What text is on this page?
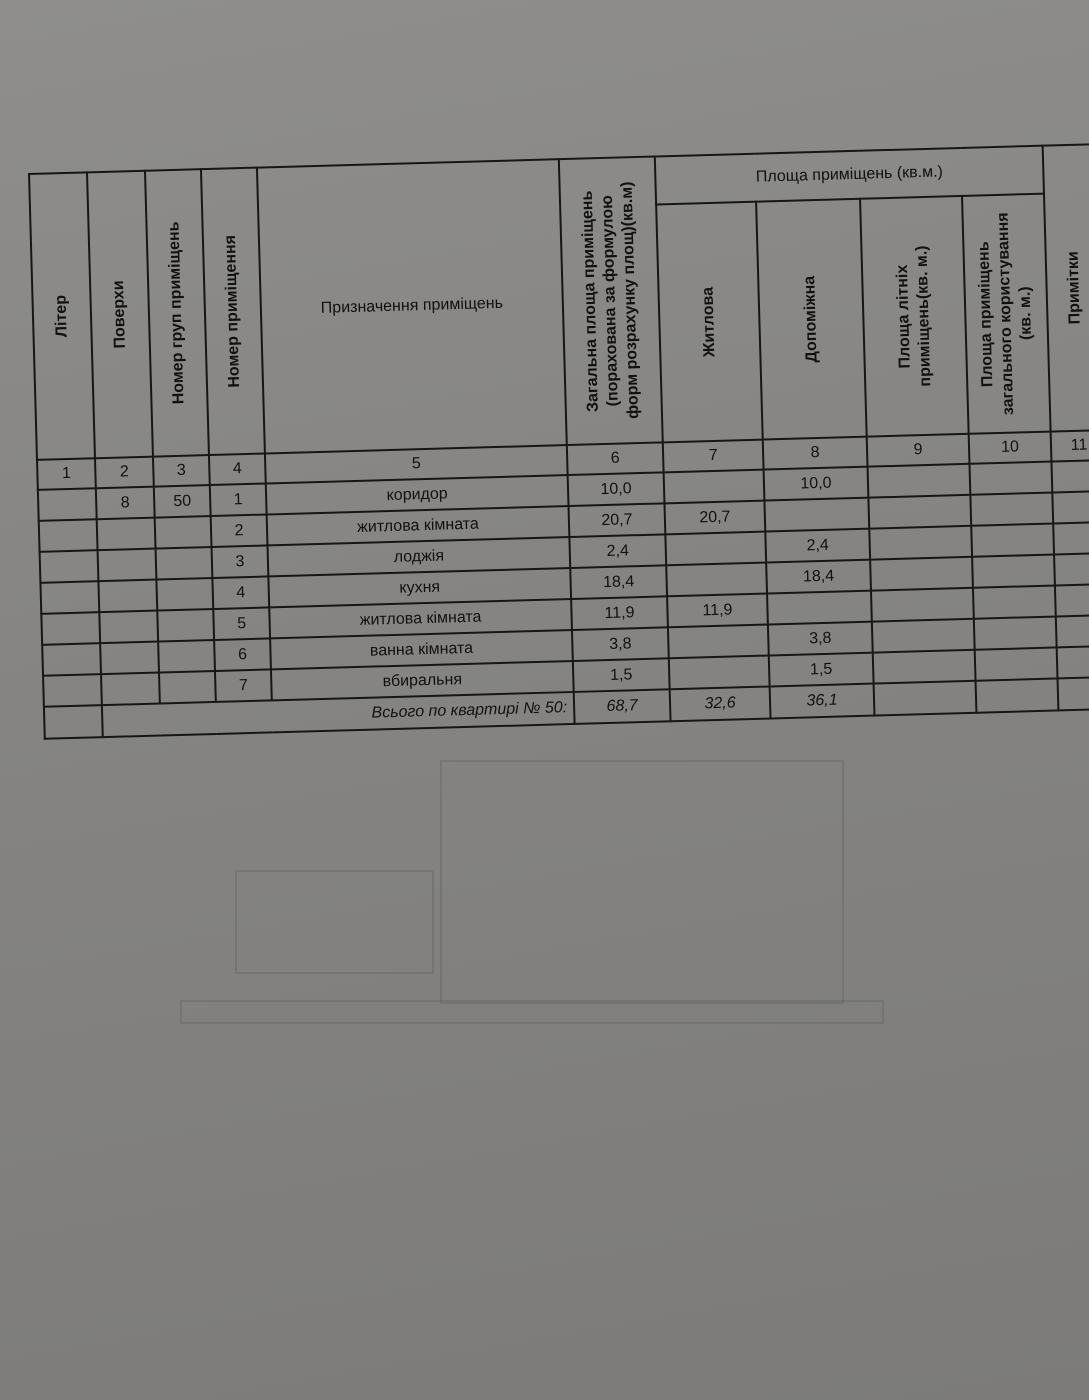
Літер	Поверхи	Номер груп приміщень	Номер приміщення	Призначення приміщень	Загальна площа приміщень (порахована за формулою форм розрахунку площ)(кв.м)	Площа приміщень (кв.м.)				Примітки

						Житлова	Допоміжна	Площа літніх приміщень(кв. м.)	Площа приміщень загального користування (кв. м.)	

1	2	3	4	5	6	7	8	9	10	11
	8	50	1	коридор	10,0		10,0			
			2	житлова кімната	20,7	20,7				
			3	лоджія	2,4		2,4			
			4	кухня	18,4		18,4			
			5	житлова кімната	11,9	11,9				
			6	ванна кімната	3,8		3,8			
			7	вбиральня	1,5		1,5			
	Всього по квартирі № 50:				68,7	32,6	36,1			
